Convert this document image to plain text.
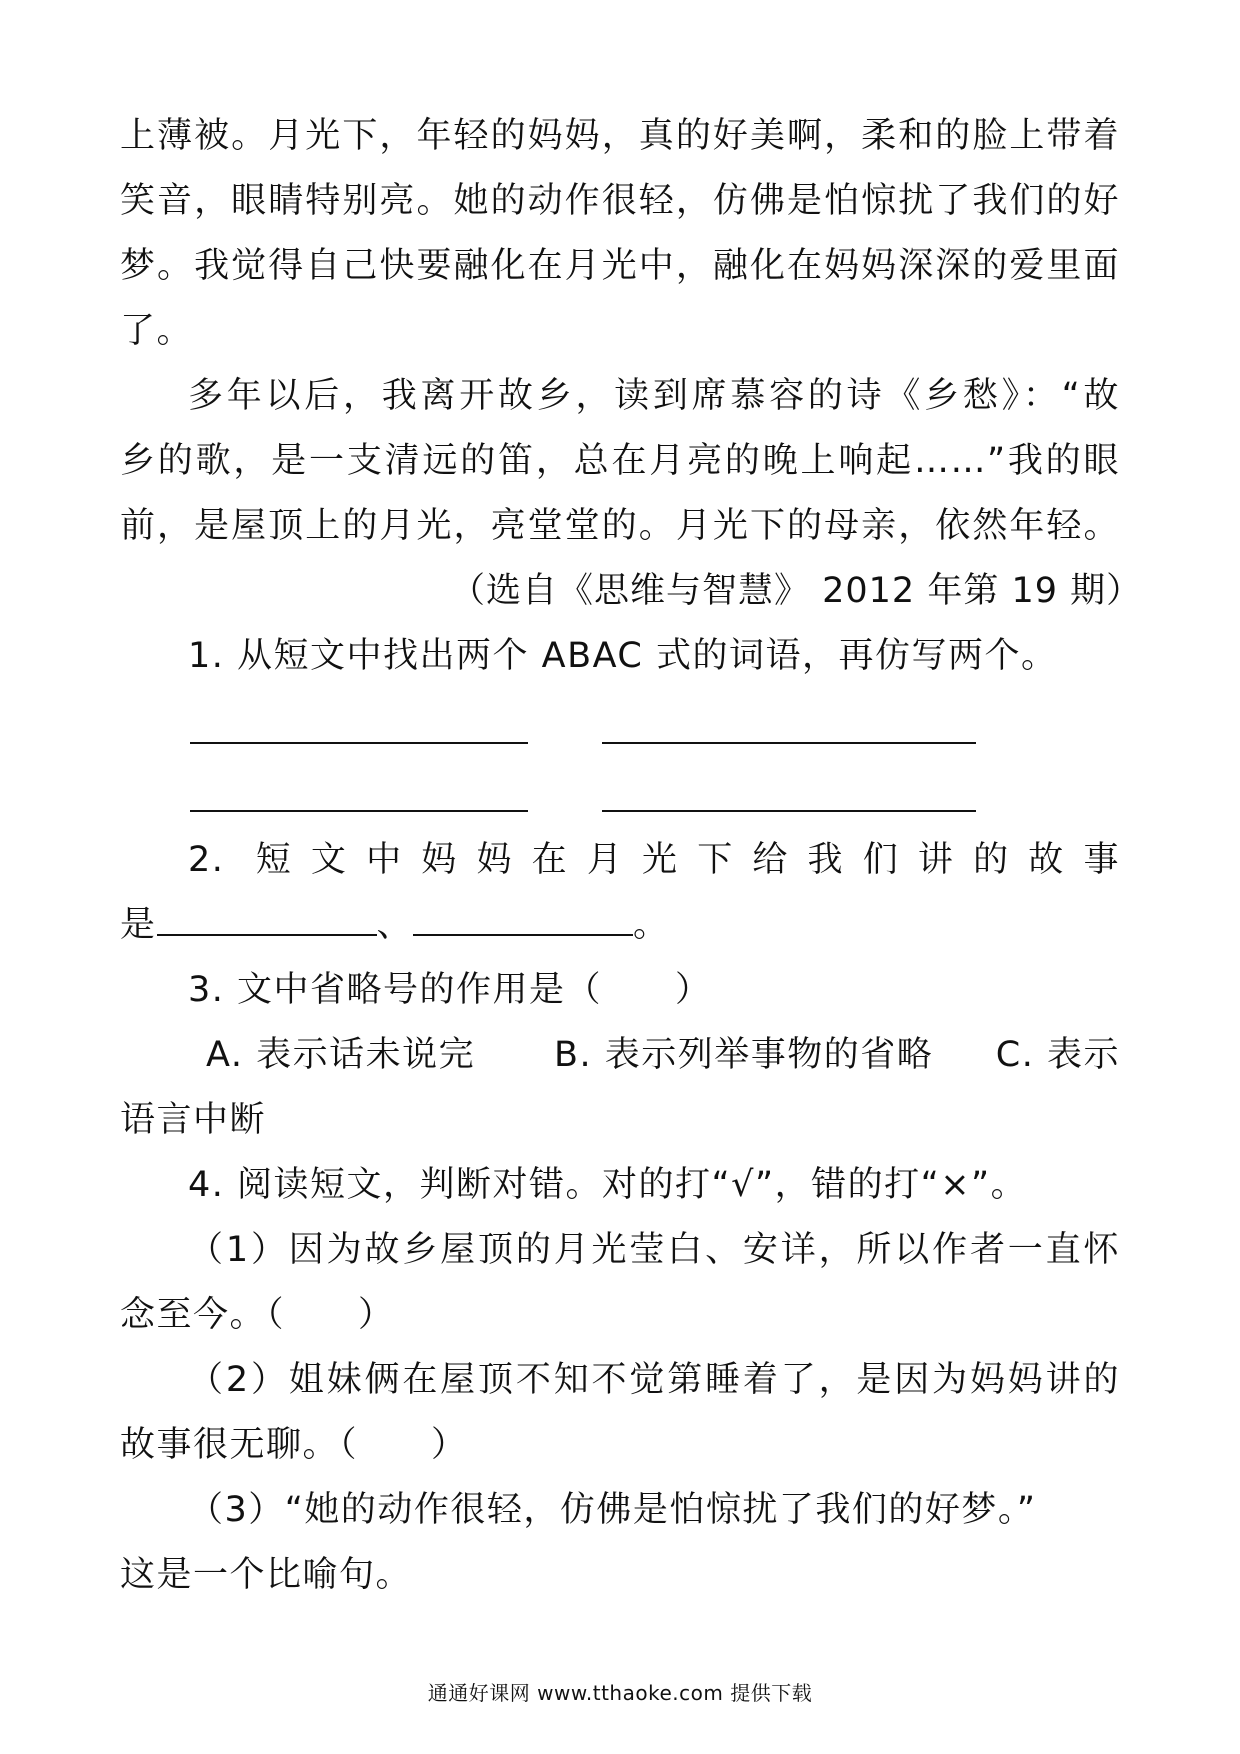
上薄被。月光下，年轻的妈妈，真的好美啊，柔和的脸上带着
笑音，眼睛特别亮。她的动作很轻，仿佛是怕惊扰了我们的好
梦。我觉得自己快要融化在月光中，融化在妈妈深深的爱里面
了。
多年以后，我离开故乡，读到席慕容的诗《乡愁》：“故
乡的歌，是一支清远的笛，总在月亮的晚上响起……”我的眼
前，是屋顶上的月光，亮堂堂的。月光下的母亲，依然年轻。
（选自《思维与智慧》 2012 年第 19 期）
1. 从短文中找出两个 ABAC 式的词语，再仿写两个。
2. 短文中妈妈在月光下给我们讲的故事
是	、	。
3. 文中省略号的作用是（　　）
A. 表示话未说完 B. 表示列举事物的省略 C. 表示
语言中断
4. 阅读短文，判断对错。对的打“√”，错的打“×”。
（1）因为故乡屋顶的月光莹白、安详，所以作者一直怀
念至今。（　　）
（2）姐妹俩在屋顶不知不觉第睡着了，是因为妈妈讲的
故事很无聊。（　　）
（3）“她的动作很轻，仿佛是怕惊扰了我们的好梦。”
这是一个比喻句。
通通好课网 www.tthaoke.com 提供下载
